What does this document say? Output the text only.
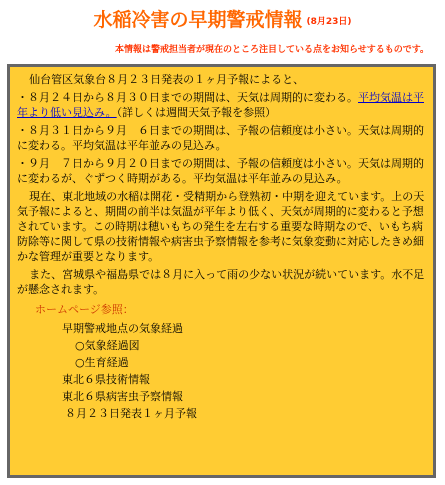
水稲冷害の早期警戒情報 (8月23日)
本情報は警戒担当者が現在のところ注目している点をお知らせするものです。

仙台管区気象台８月２３日発表の１ヶ月予報によると、

・８月２４日から８月３０日までの期間は、天気は周期的に変わる。平均気温は平年より低い見込み。（詳しくは週間天気予報を参照）

・８月３１日から９月　６日までの期間は、予報の信頼度は小さい。天気は周期的に変わる。平均気温は平年並みの見込み。

・９月　７日から９月２０日までの期間は、予報の信頼度は小さい。天気は周期的に変わるが、ぐずつく時期がある。平均気温は平年並みの見込み。

現在、東北地域の水稲は開花・受精期から登熟初・中期を迎えています。上の天気予報によると、期間の前半は気温が平年より低く、天気が周期的に変わると予想されています。この時期は穂いもちの発生を左右する重要な時期なので、いもち病防除等に関して県の技術情報や病害虫予察情報を参考に気象変動に対応したきめ細かな管理が重要となります。

また、宮城県や福島県では８月に入って雨の少ない状況が続いています。水不足が懸念されます。

ホームページ参照：
早期警戒地点の気象経過
○気象経過図
○生育経過
東北６県技術情報
東北６県病害虫予察情報
８月２３日発表１ヶ月予報
